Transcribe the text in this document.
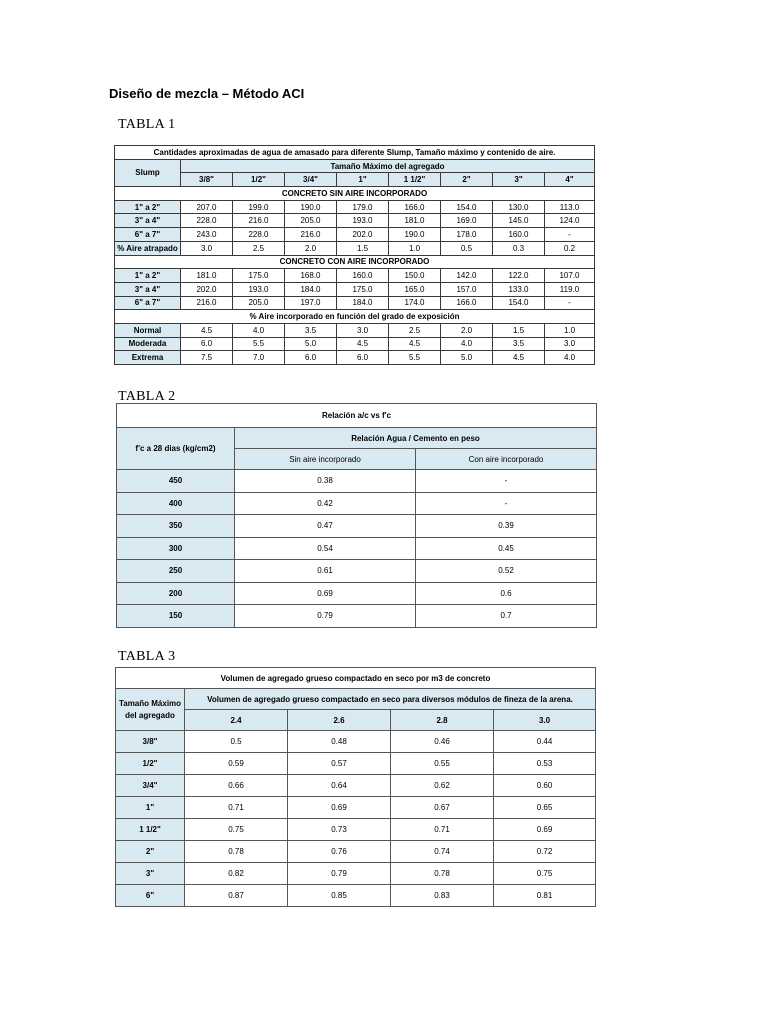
Diseño de mezcla – Método ACI
TABLA 1
Cantidades aproximadas de agua de amasado para diferente Slump, Tamaño máximo y contenido de aire.								
Slump	Tamaño Máximo del agregado							
	3/8"	1/2"	3/4"	1"	1 1/2"	2"	3"	4"
CONCRETO SIN AIRE INCORPORADO								
1" a 2"	207.0	199.0	190.0	179.0	166.0	154.0	130.0	113.0
3" a 4"	228.0	216.0	205.0	193.0	181.0	169.0	145.0	124.0
6" a 7"	243.0	228.0	216.0	202.0	190.0	178.0	160.0	-
% Aire atrapado	3.0	2.5	2.0	1.5	1.0	0.5	0.3	0.2
CONCRETO CON AIRE INCORPORADO								
1" a 2"	181.0	175.0	168.0	160.0	150.0	142.0	122.0	107.0
3" a 4"	202.0	193.0	184.0	175.0	165.0	157.0	133.0	119.0
6" a 7"	216.0	205.0	197.0	184.0	174.0	166.0	154.0	-
% Aire incorporado en función del grado de exposición								
Normal	4.5	4.0	3.5	3.0	2.5	2.0	1.5	1.0
Moderada	6.0	5.5	5.0	4.5	4.5	4.0	3.5	3.0
Extrema	7.5	7.0	6.0	6.0	5.5	5.0	4.5	4.0
TABLA 2
Relación a/c vs f'c		
f'c a 28 dias (kg/cm2)	Relación Agua / Cemento en peso	
	Sin aire incorporado	Con aire incorporado
450	0.38	-
400	0.42	-
350	0.47	0.39
300	0.54	0.45
250	0.61	0.52
200	0.69	0.6
150	0.79	0.7
TABLA 3
Volumen de agregado grueso compactado en seco por m3 de concreto				
Tamaño Máximo del agregado	Volumen de agregado grueso compactado en seco para diversos módulos de fineza de la arena.			
	2.4	2.6	2.8	3.0
3/8"	0.5	0.48	0.46	0.44
1/2"	0.59	0.57	0.55	0.53
3/4"	0.66	0.64	0.62	0.60
1"	0.71	0.69	0.67	0.65
1 1/2"	0.75	0.73	0.71	0.69
2"	0.78	0.76	0.74	0.72
3"	0.82	0.79	0.78	0.75
6"	0.87	0.85	0.83	0.81
